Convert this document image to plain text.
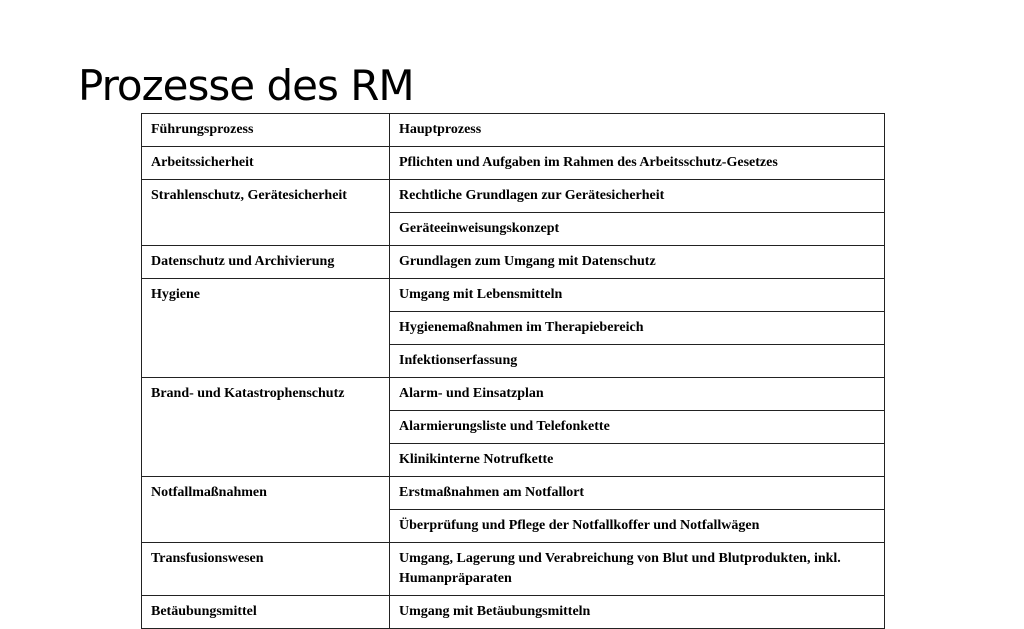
Prozesse des RM
Führungsprozess	Hauptprozess
Arbeitssicherheit	Pflichten und Aufgaben im Rahmen des Arbeitsschutz-Gesetzes
Strahlenschutz, Gerätesicherheit	Rechtliche Grundlagen zur Gerätesicherheit
	Geräteeinweisungskonzept
Datenschutz und Archivierung	Grundlagen zum Umgang mit Datenschutz
Hygiene	Umgang mit Lebensmitteln
	Hygienemaßnahmen im Therapiebereich
	Infektionserfassung
Brand- und Katastrophenschutz	Alarm- und Einsatzplan
	Alarmierungsliste und Telefonkette
	Klinikinterne Notrufkette
Notfallmaßnahmen	Erstmaßnahmen am Notfallort
	Überprüfung und Pflege der Notfallkoffer und Notfallwägen
Transfusionswesen	Umgang, Lagerung und Verabreichung von Blut und Blutprodukten, inkl. Humanpräparaten
Betäubungsmittel	Umgang mit Betäubungsmitteln
